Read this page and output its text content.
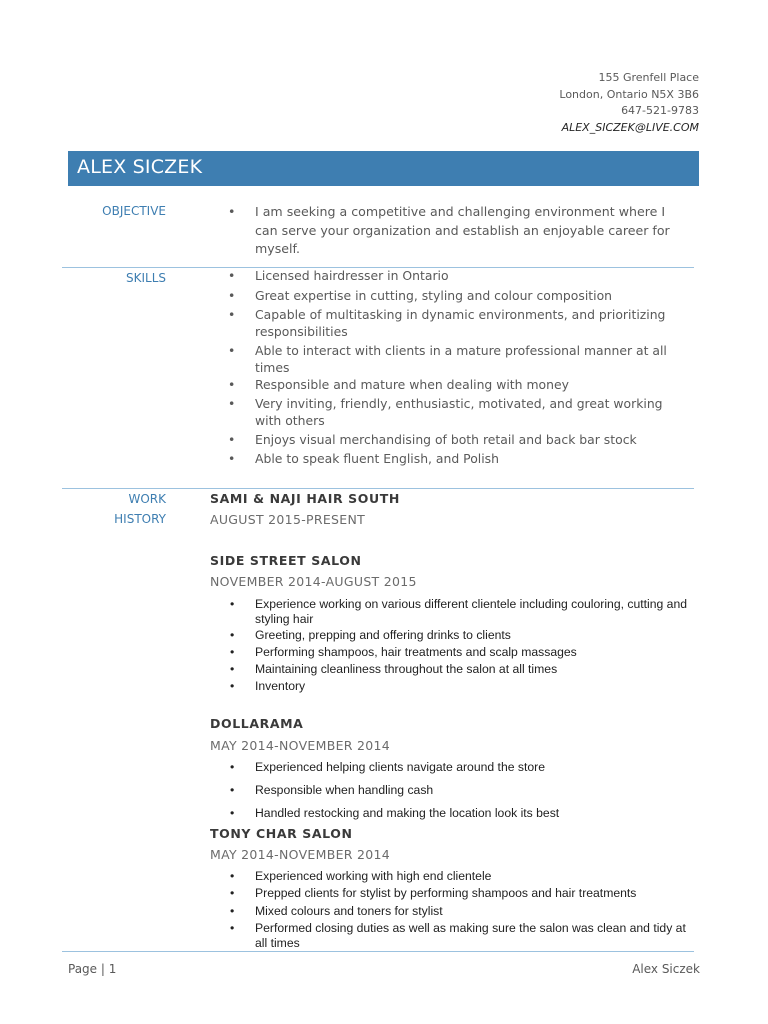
155 Grenfell Place
London, Ontario N5X 3B6
647-521-9783
ALEX_SICZEK@LIVE.COM
ALEX SICZEK
OBJECTIVE	• I am seeking a competitive and challenging environment where I can serve your organization and establish an enjoyable career for myself.
SKILLS	• Licensed hairdresser in Ontario
• Great expertise in cutting, styling and colour composition
• Capable of multitasking in dynamic environments, and prioritizing responsibilities
• Able to interact with clients in a mature professional manner at all times
• Responsible and mature when dealing with money
• Very inviting, friendly, enthusiastic, motivated, and great working with others
• Enjoys visual merchandising of both retail and back bar stock
• Able to speak fluent English, and Polish
WORK
HISTORY
SAMI & NAJI HAIR SOUTH
AUGUST 2015-PRESENT
SIDE STREET SALON
NOVEMBER 2014-AUGUST 2015
• Experience working on various different clientele including couloring, cutting and styling hair
• Greeting, prepping and offering drinks to clients
• Performing shampoos, hair treatments and scalp massages
• Maintaining cleanliness throughout the salon at all times
• Inventory
DOLLARAMA
MAY 2014-NOVEMBER 2014
• Experienced helping clients navigate around the store
• Responsible when handling cash
• Handled restocking and making the location look its best
TONY CHAR SALON
MAY 2014-NOVEMBER 2014
• Experienced working with high end clientele
• Prepped clients for stylist by performing shampoos and hair treatments
• Mixed colours and toners for stylist
• Performed closing duties as well as making sure the salon was clean and tidy at all times
Page | 1	Alex Siczek
